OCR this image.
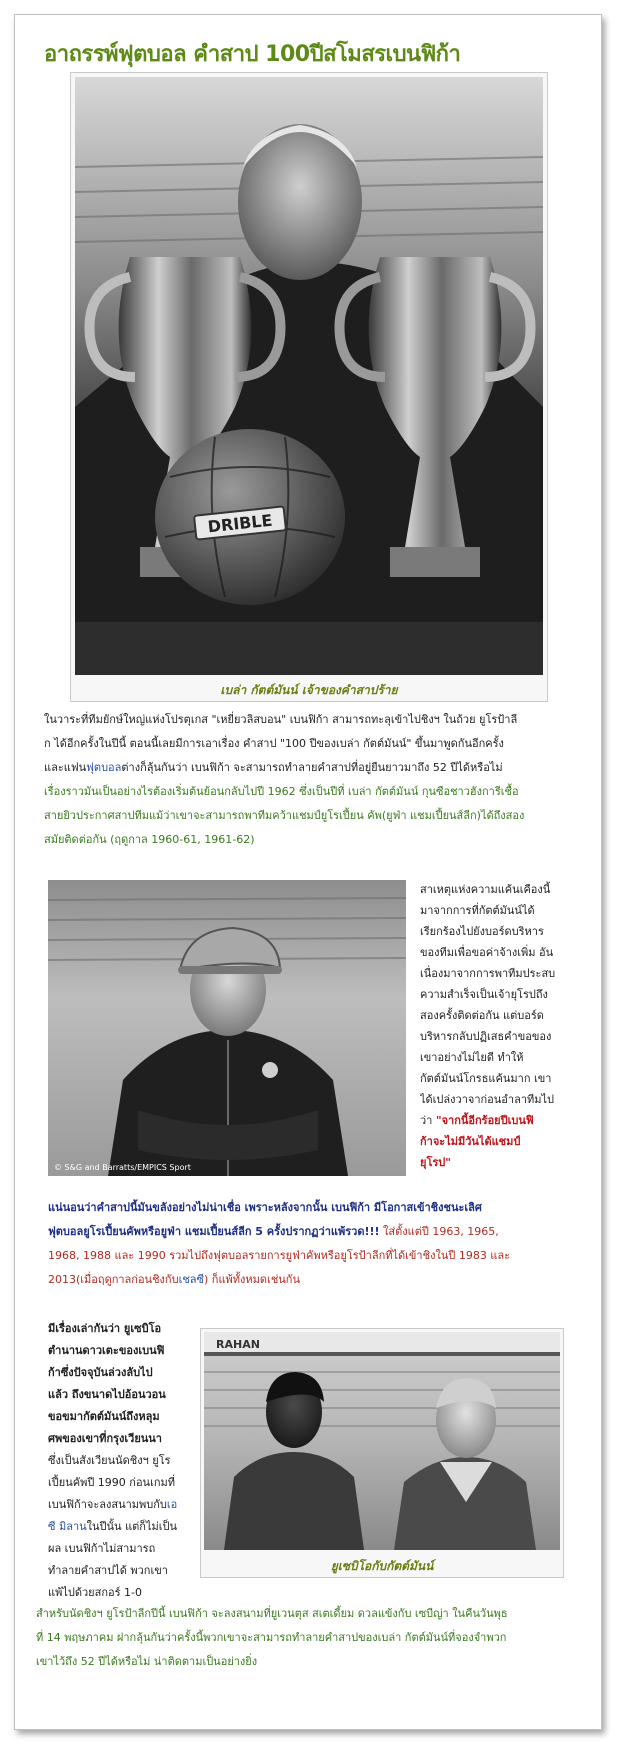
อาถรรพ์ฟุตบอล คำสาป 100ปีสโมสรเบนฟิก้า
DRIBLE
เบล่า กัตต์มันน์ เจ้าของคำสาปร้าย
ในวาระที่ทีมยักษ์ใหญ่แห่งโปรตุเกส "เหยี่ยวลิสบอน" เบนฟิก้า สามารถทะลุเข้าไปชิงฯ ในถ้วย ยูโรป้าลี
ก ได้อีกครั้งในปีนี้ ตอนนี้เลยมีการเอาเรื่อง คำสาป "100 ปีของเบล่า กัตต์มันน์" ขึ้นมาพูดกันอีกครั้ง
และแฟนฟุตบอลต่างก็ลุ้นกันว่า เบนฟิก้า จะสามารถทำลายคำสาปที่อยู่ยืนยาวมาถึง 52 ปีได้หรือไม่
เรื่องราวมันเป็นอย่างไรต้องเริ่มต้นย้อนกลับไปปี 1962 ซึ่งเป็นปีที่ เบล่า กัตต์มันน์ กุนซือชาวฮังการีเชื้อ
สายยิวประกาศสาปทีมแม้ว่าเขาจะสามารถพาทีมคว้าแชมป์ยูโรเปี้ยน คัพ(ยูฟ่า แชมเปี้ยนส์ลีก)ได้ถึงสอง
สมัยติดต่อกัน (ฤดูกาล 1960-61, 1961-62)
© S&G and Barratts/EMPICS Sport
สาเหตุแห่งความแค้นเคืองนี้
มาจากการที่กัตต์มันน์ได้
เรียกร้องไปยังบอร์ดบริหาร
ของทีมเพื่อขอค่าจ้างเพิ่ม อัน
เนื่องมาจากการพาทีมประสบ
ความสำเร็จเป็นเจ้ายุโรปถึง
สองครั้งติดต่อกัน แต่บอร์ด
บริหารกลับปฏิเสธคำขอของ
เขาอย่างไม่ไยดี ทำให้
กัตต์มันน์โกรธแค้นมาก เขา
ได้เปล่งวาจาก่อนอำลาทีมไป
ว่า "จากนี้อีกร้อยปีเบนฟิ
ก้าจะไม่มีวันได้แชมป์
ยุโรป"
แน่นอนว่าคำสาปนี้มันขลังอย่างไม่น่าเชื่อ เพราะหลังจากนั้น เบนฟิก้า มีโอกาสเข้าชิงชนะเลิศ
ฟุตบอลยูโรเปี้ยนคัพหรือยูฟ่า แชมเปี้ยนส์ลีก 5 ครั้งปรากฏว่าแพ้รวด!!! ใส่ตั้งแต่ปี 1963, 1965,
1968, 1988 และ 1990 รวมไปถึงฟุตบอลรายการยูฟ่าคัพหรือยูโรป้าลีกที่ได้เข้าชิงในปี 1983 และ
2013(เมื่อฤดูกาลก่อนชิงกับเชลซี) ก็แพ้ทั้งหมดเช่นกัน
มีเรื่องเล่ากันว่า ยูเซบิโอ
ตำนานดาวเตะของเบนฟิ
ก้าซึ่งปัจจุบันล่วงลับไป
แล้ว ถึงขนาดไปอ้อนวอน
ขอขมากัตต์มันน์ถึงหลุม
ศพของเขาที่กรุงเวียนนา
ซึ่งเป็นสังเวียนนัดชิงฯ ยูโร
เปี้ยนคัพปี 1990 ก่อนเกมที่
เบนฟิก้าจะลงสนามพบกับเอ
ซี มิลานในปีนั้น แต่ก็ไม่เป็น
ผล เบนฟิก้าไม่สามารถ
ทำลายคำสาปได้ พวกเขา
แพ้ไปด้วยสกอร์ 1-0
RAHAN
ยูเซบิโอกับกัตต์มันน์
สำหรับนัดชิงฯ ยูโรป้าลีกปีนี้ เบนฟิก้า จะลงสนามที่ยูเวนตุส สเตเดี้ยม ดวลแข้งกับ เซบีญ่า ในคืนวันพุธ
ที่ 14 พฤษภาคม ฝากลุ้นกันว่าครั้งนี้พวกเขาจะสามารถทำลายคำสาปของเบล่า กัตต์มันน์ที่จองจำพวก
เขาไว้ถึง 52 ปีได้หรือไม่ น่าติดตามเป็นอย่างยิ่ง
